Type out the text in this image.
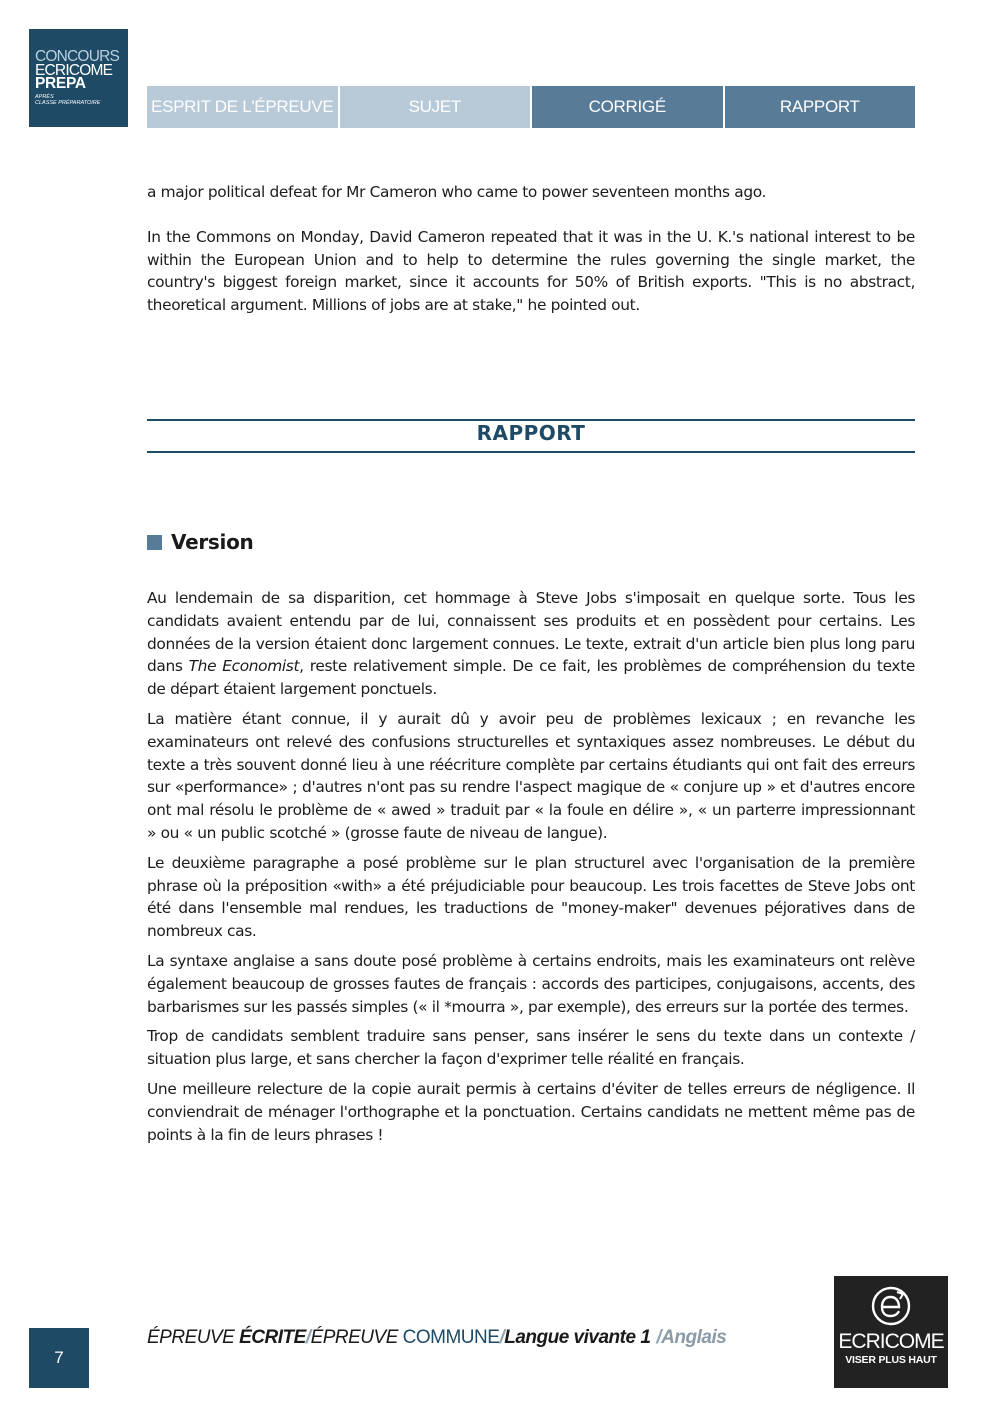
CONCOURS
ECRICOME
PREPA
APRÈS
CLASSE PRÉPARATOIRE	ESPRIT DE L'ÉPREUVE	SUJET	CORRIGÉ	RAPPORT

a major political defeat for Mr Cameron who came to power seventeen months ago.

In the Commons on Monday, David Cameron repeated that it was in the U. K.'s national interest to be within the European Union and to help to determine the rules governing the single market, the country's biggest foreign market, since it accounts for 50% of British exports. "This is no abstract, theoretical argument. Millions of jobs are at stake," he pointed out.

RAPPORT
Version

Au lendemain de sa disparition, cet hommage à Steve Jobs s'imposait en quelque sorte. Tous les candidats avaient entendu par de lui, connaissent ses produits et en possèdent pour certains. Les données de la version étaient donc largement connues. Le texte, extrait d'un article bien plus long paru dans The Economist, reste relativement simple. De ce fait, les problèmes de compréhension du texte de départ étaient largement ponctuels.

La matière étant connue, il y aurait dû y avoir peu de problèmes lexicaux ; en revanche les examinateurs ont relevé des confusions structurelles et syntaxiques assez nombreuses. Le début du texte a très souvent donné lieu à une réécriture complète par certains étudiants qui ont fait des erreurs sur «performance» ; d'autres n'ont pas su rendre l'aspect magique de « conjure up » et d'autres encore ont mal résolu le problème de « awed » traduit par « la foule en délire », « un parterre impressionnant » ou « un public scotché » (grosse faute de niveau de langue).

Le deuxième paragraphe a posé problème sur le plan structurel avec l'organisation de la première phrase où la préposition «with» a été préjudiciable pour beaucoup. Les trois facettes de Steve Jobs ont été dans l'ensemble mal rendues, les traductions de "money-maker" devenues péjoratives dans de nombreux cas.

La syntaxe anglaise a sans doute posé problème à certains endroits, mais les examinateurs ont relève également beaucoup de grosses fautes de français : accords des participes, conjugaisons, accents, des barbarismes sur les passés simples (« il *mourra », par exemple), des erreurs sur la portée des termes.

Trop de candidats semblent traduire sans penser, sans insérer le sens du texte dans un contexte / situation plus large, et sans chercher la façon d'exprimer telle réalité en français.

Une meilleure relecture de la copie aurait permis à certains d'éviter de telles erreurs de négligence. Il conviendrait de ménager l'orthographe et la ponctuation. Certains candidats ne mettent même pas de points à la fin de leurs phrases !

7
ÉPREUVE ÉCRITE/ÉPREUVE COMMUNE/Langue vivante 1 /Anglais	ECRICOME
VISER PLUS HAUT
